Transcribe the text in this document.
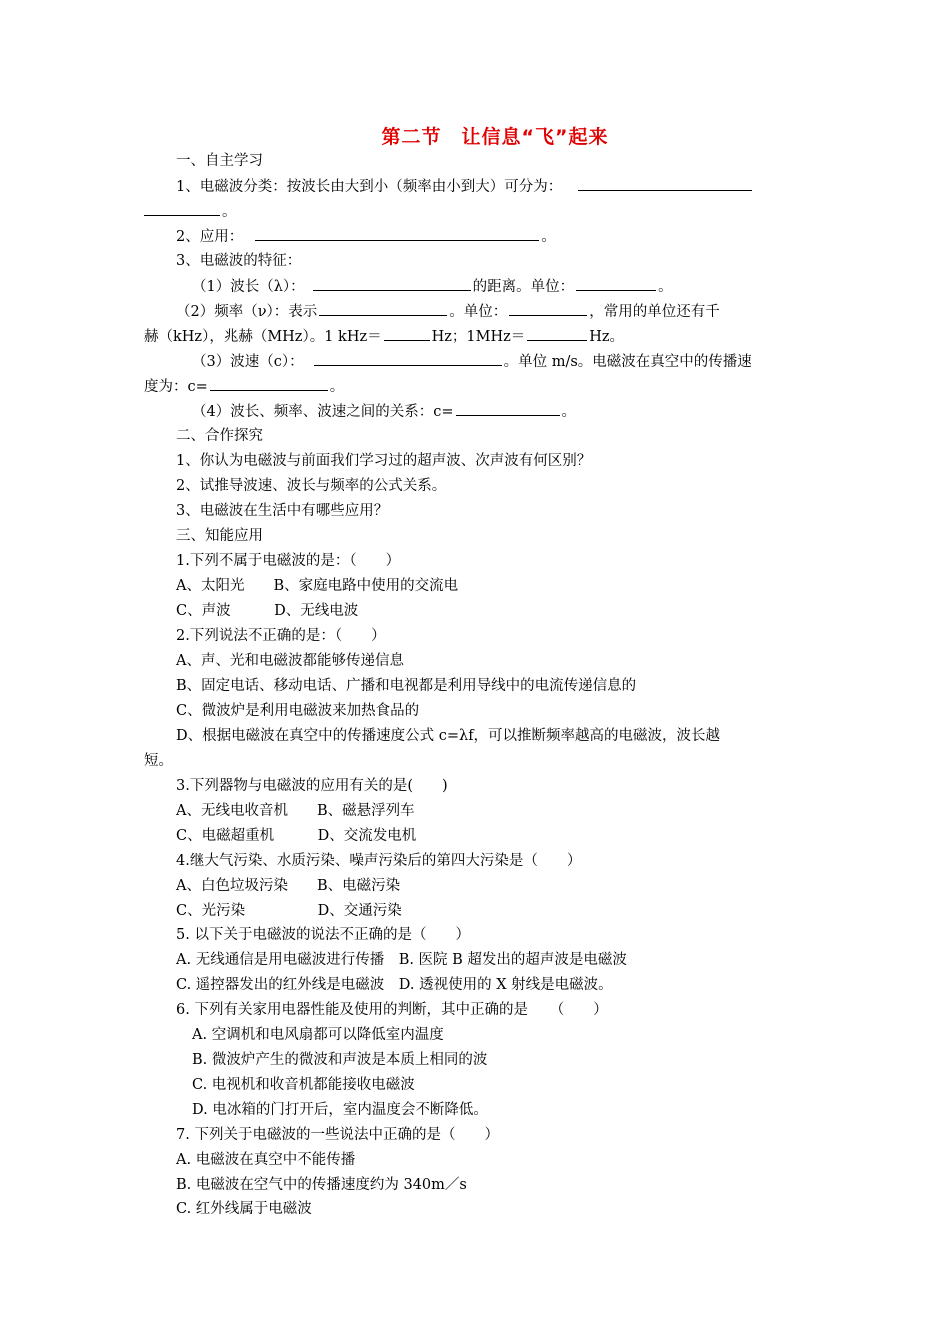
第二节　让信息“飞”起来
一、自主学习
1、电磁波分类：按波长由大到小（频率由小到大）可分为：
。
2、应用：	。
3、电磁波的特征：
（1）波长（λ）：	的距离。单位：	。
（2）频率（ν）：表示	。单位：	，常用的单位还有千
赫（kHz），兆赫（MHz）。1 kHz＝	Hz；1MHz＝	Hz。
（3）波速（c）：	。单位 m/s。电磁波在真空中的传播速
度为：c=	。
（4）波长、频率、波速之间的关系：c=	。
二、合作探究
1、你认为电磁波与前面我们学习过的超声波、次声波有何区别？
2、试推导波速、波长与频率的公式关系。
3、电磁波在生活中有哪些应用？
三、知能应用
1.下列不属于电磁波的是：（　　）
A、太阳光　　B、家庭电路中使用的交流电
C、声波　　　D、无线电波
2.下列说法不正确的是：（　　）
A、声、光和电磁波都能够传递信息
B、固定电话、移动电话、广播和电视都是利用导线中的电流传递信息的
C、微波炉是利用电磁波来加热食品的
D、根据电磁波在真空中的传播速度公式 c=λf，可以推断频率越高的电磁波，波长越
短。
3.下列器物与电磁波的应用有关的是(　　)
A、无线电收音机　　B、磁悬浮列车
C、电磁超重机　　　D、交流发电机
4.继大气污染、水质污染、噪声污染后的第四大污染是（　　）
A、白色垃圾污染　　B、电磁污染
C、光污染　　　　　D、交通污染
5. 以下关于电磁波的说法不正确的是（　　）
A. 无线通信是用电磁波进行传播　B. 医院 B 超发出的超声波是电磁波
C. 遥控器发出的红外线是电磁波　D. 透视使用的 X 射线是电磁波。
6. 下列有关家用电器性能及使用的判断，其中正确的是　　（　　）
A. 空调机和电风扇都可以降低室内温度
B. 微波炉产生的微波和声波是本质上相同的波
C. 电视机和收音机都能接收电磁波
D. 电冰箱的门打开后，室内温度会不断降低。
7. 下列关于电磁波的一些说法中正确的是（　　）
A. 电磁波在真空中不能传播
B. 电磁波在空气中的传播速度约为 340m／s
C. 红外线属于电磁波
